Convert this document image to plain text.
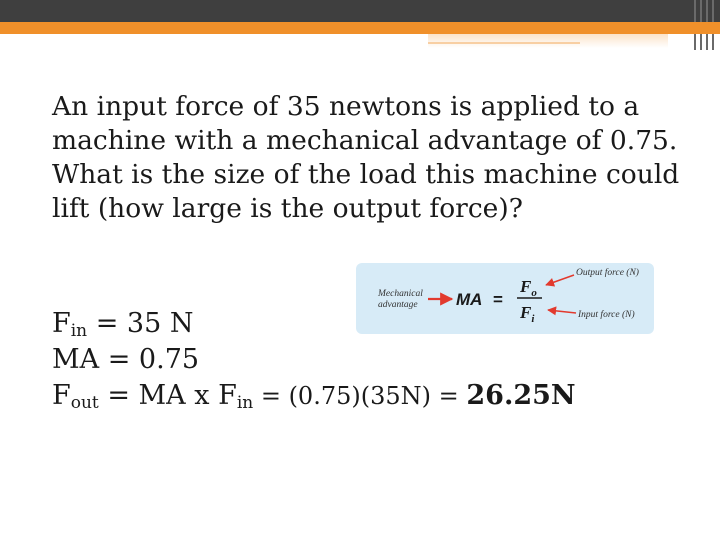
An input force of 35 newtons is applied to a machine with a mechanical advantage of 0.75. What is the size of the load this machine could lift (how large is the output force)?

Mechanical
advantage MA =
$F_o$
$F_i$
Output force (N)
Input force (N)
$F_{in} = 35$ N
MA = 0.75
$F_{out}$ = MA x $F_{in} = (0.75)(35N) = 26.25N$
